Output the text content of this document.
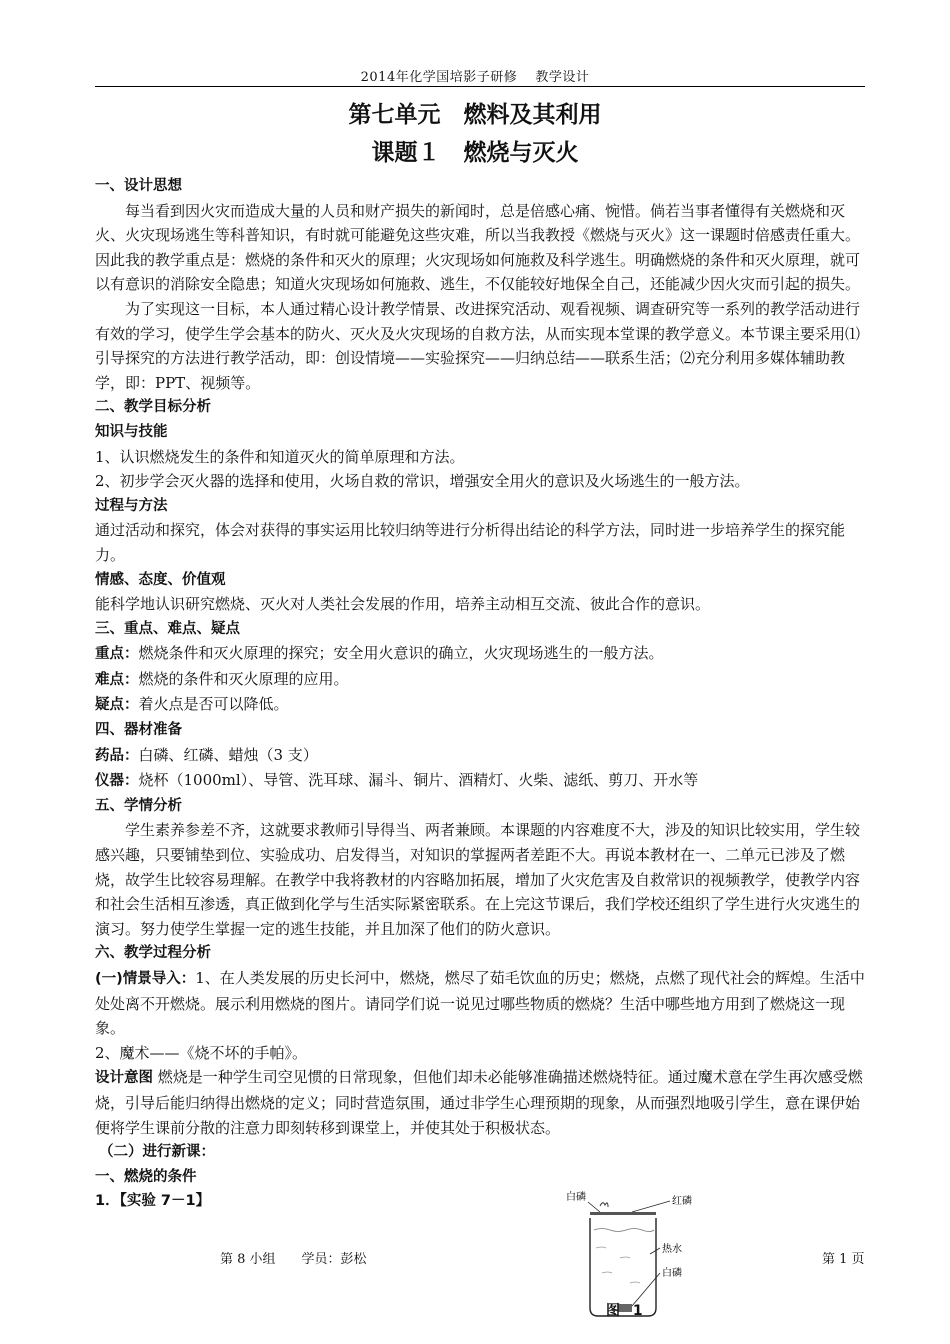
2014年化学国培影子研修　 教学设计
第七单元　燃料及其利用
课题１　燃烧与灭火

一、设计思想

每当看到因火灾而造成大量的人员和财产损失的新闻时，总是倍感心痛、惋惜。倘若当事者懂得有关燃烧和灭火、火灾现场逃生等科普知识，有时就可能避免这些灾难，所以当我教授《燃烧与灭火》这一课题时倍感责任重大。因此我的教学重点是：燃烧的条件和灭火的原理；火灾现场如何施救及科学逃生。明确燃烧的条件和灭火原理，就可以有意识的消除安全隐患；知道火灾现场如何施救、逃生，不仅能较好地保全自己，还能减少因火灾而引起的损失。

为了实现这一目标，本人通过精心设计教学情景、改进探究活动、观看视频、调查研究等一系列的教学活动进行有效的学习，使学生学会基本的防火、灭火及火灾现场的自救方法，从而实现本堂课的教学意义。本节课主要采用⑴引导探究的方法进行教学活动，即：创设情境——实验探究——归纳总结——联系生活；⑵充分利用多媒体辅助教学，即：PPT、视频等。

二、教学目标分析

知识与技能

1、认识燃烧发生的条件和知道灭火的简单原理和方法。

2、初步学会灭火器的选择和使用，火场自救的常识，增强安全用火的意识及火场逃生的一般方法。

过程与方法

通过活动和探究，体会对获得的事实运用比较归纳等进行分析得出结论的科学方法，同时进一步培养学生的探究能力。

情感、态度、价值观

能科学地认识研究燃烧、灭火对人类社会发展的作用，培养主动相互交流、彼此合作的意识。

三、重点、难点、疑点

重点：燃烧条件和灭火原理的探究；安全用火意识的确立，火灾现场逃生的一般方法。

难点：燃烧的条件和灭火原理的应用。

疑点：着火点是否可以降低。

四、器材准备

药品：白磷、红磷、蜡烛（3 支）

仪器：烧杯（1000ml）、导管、洗耳球、漏斗、铜片、酒精灯、火柴、滤纸、剪刀、开水等

五、学情分析

学生素养参差不齐，这就要求教师引导得当、两者兼顾。本课题的内容难度不大，涉及的知识比较实用，学生较感兴趣，只要铺垫到位、实验成功、启发得当，对知识的掌握两者差距不大。再说本教材在一、二单元已涉及了燃烧，故学生比较容易理解。在教学中我将教材的内容略加拓展，增加了火灾危害及自救常识的视频教学，使教学内容和社会生活相互渗透，真正做到化学与生活实际紧密联系。在上完这节课后，我们学校还组织了学生进行火灾逃生的演习。努力使学生掌握一定的逃生技能，并且加深了他们的防火意识。

六、教学过程分析

(一)情景导入：1、在人类发展的历史长河中，燃烧，燃尽了茹毛饮血的历史；燃烧，点燃了现代社会的辉煌。生活中处处离不开燃烧。展示利用燃烧的图片。请同学们说一说见过哪些物质的燃烧？生活中哪些地方用到了燃烧这一现象。

2、魔术——《烧不坏的手帕》。

设计意图 燃烧是一种学生司空见惯的日常现象，但他们却未必能够准确描述燃烧特征。通过魔术意在学生再次感受燃烧，引导后能归纳得出燃烧的定义；同时营造氛围，通过非学生心理预期的现象，从而强烈地吸引学生，意在课伊始便将学生课前分散的注意力即刻转移到课堂上，并使其处于积极状态。

（二）进行新课：

一、燃烧的条件

1．【实验 7－1】	白磷	红磷
热水
白磷
图 1
第 8 小组　　学员：彭松	第 1 页
